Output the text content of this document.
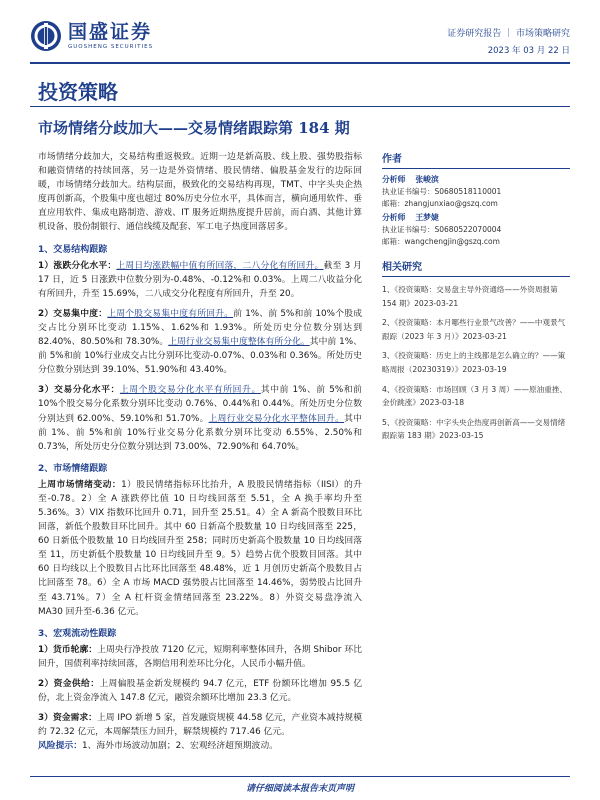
国盛证券
GUOSHENG SECURITIES
证券研究报告 ｜ 市场策略研究
2023 年 03 月 22 日
投资策略
市场情绪分歧加大——交易情绪跟踪第 184 期

市场情绪分歧加大，交易结构重返极致。近期一边是新高股、线上股、强势股指标和融资情绪的持续回落，另一边是外资情绪、股民情绪、偏股基金发行的边际回暖，市场情绪分歧加大。结构层面，极致化的交易结构再现，TMT、中字头央企热度再创新高，个股集中度也超过 80%历史分位水平，具体而言，横向通用软件、垂直应用软件、集成电路制造、游戏、IT 服务近期热度提升居前，而白酒、其他计算机设备、股份制银行、通信线缆及配套、军工电子热度回落居多。

1、交易结构跟踪

1）涨跌分化水平：上周日均涨跌幅中值有所回落，二八分化有所回升。截至 3 月 17 日，近 5 日涨跌中位数分别为-0.48%、-0.12%和 0.03%。上周二八收益分化有所回升，升至 15.69%，二八成交分化程度有所回升，升至 20。

2）交易集中度：上周个股交易集中度有所回升。前 1%、前 5%和前 10%个股成交占比分别环比变动 1.15%、1.62%和 1.93%。所处历史分位数分别达到 82.40%、80.50%和 78.30%。上周行业交易集中度整体有所分化。其中前 1%、前 5%和前 10%行业成交占比分别环比变动-0.07%、0.03%和 0.36%。所处历史分位数分别达到 39.10%、51.90%和 43.40%。

3）交易分化水平：上周个股交易分化水平有所回升。其中前 1%、前 5%和前 10%个股交易分化系数分别环比变动 0.76%、0.44%和 0.44%。所处历史分位数分别达到 62.00%、59.10%和 51.70%。上周行业交易分化水平整体回升。其中前 1%、前 5%和前 10%行业交易分化系数分别环比变动 6.55%、2.50%和 0.73%，所处历史分位数分别达到 73.00%、72.90%和 64.70%。

2、市场情绪跟踪

上周市场情绪变动：1）股民情绪指标环比抬升，A 股股民情绪指标（IISI）的升至-0.78。2）全 A 涨跌停比值 10 日均线回落至 5.51，全 A 换手率均升至 5.36%。3）VIX 指数环比回升 0.71，回升至 25.51。4）全 A 新高个股数目环比回落，新低个股数目环比回升。其中 60 日新高个股数量 10 日均线回落至 225，60 日新低个股数量 10 日均线回升至 258；同时历史新高个股数量 10 日均线回落至 11，历史新低个股数量 10 日均线回升至 9。5）趋势占优个股数目回落。其中 60 日均线以上个股数目占比环比回落至 48.48%，近 1 月创历史新高个股数目占比回落至 78。6）全 A 市场 MACD 强势股占比回落至 14.46%，弱势股占比回升至 43.71%。7）全 A 杠杆资金情绪回落至 23.22%。8）外资交易盘净流入 MA30 回升至-6.36 亿元。

3、宏观流动性跟踪

1）货币轮廓：上周央行净投放 7120 亿元，短期利率整体回升，各期 Shibor 环比回升，国债利率持续回落，各期信用利差环比分化，人民币小幅升值。

2）资金供给：上周偏股基金新发规模约 94.7 亿元，ETF 份额环比增加 95.5 亿份，北上资金净流入 147.8 亿元，融资余额环比增加 23.3 亿元。

3）资金需求：上周 IPO 新增 5 家，首发融资规模 44.58 亿元，产业资本减持规模约 72.32 亿元，本周解禁压力回升，解禁规模约 717.46 亿元。

风险提示：1、海外市场波动加剧；2、宏观经济超预期波动。

作者
分析师 张峻滨
执业证书编号：S0680518110001
邮箱：zhangjunxiao@gszq.com
分析师 王梦婕
执业证书编号：S0680522070004
邮箱：wangchengjin@gszq.com
相关研究
1、《投资策略：交易盘主导外资通络——外资周报第 154 期》2023-03-21
2、《投资策略：本月哪些行业景气改善？——中观景气跟踪（2023 年 3 月）》2023-03-21
3、《投资策略：历史上的主线都是怎么确立的？——策略周报（20230319）》2023-03-19
4、《投资策略：市场回顾（3 月 3 周）——原油重挫、金价跳涨》2023-03-18
5、《投资策略：中字头央企热度再创新高——交易情绪跟踪第 183 期》2023-03-15
请仔细阅读本报告末页声明
